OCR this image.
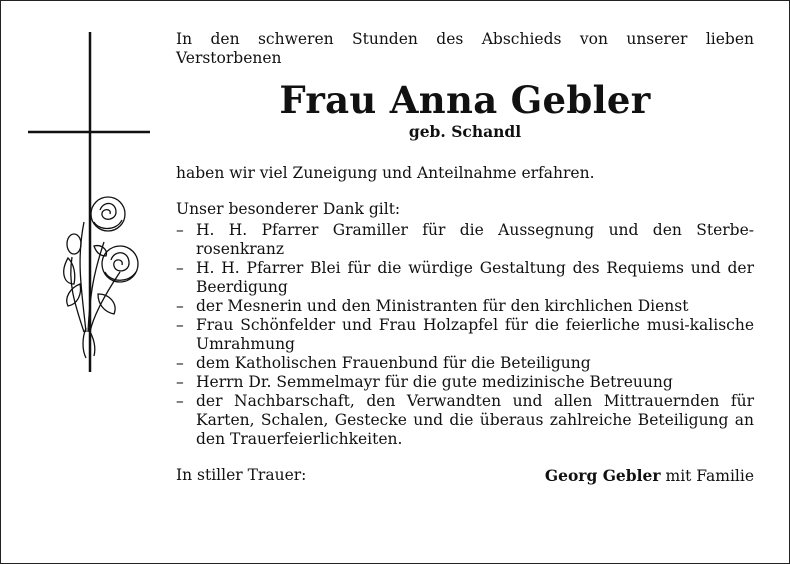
In den schweren Stunden des Abschieds von unserer lieben Verstorbenen

Frau Anna Gebler
geb. Schandl

haben wir viel Zuneigung und Anteilnahme erfahren.

Unser besonderer Dank gilt:

– H. H. Pfarrer Gramiller für die Aussegnung und den Sterbe-rosenkranz
– H. H. Pfarrer Blei für die würdige Gestaltung des Requiems und der Beerdigung
– der Mesnerin und den Ministranten für den kirchlichen Dienst
– Frau Schönfelder und Frau Holzapfel für die feierliche musi-kalische Umrahmung
– dem Katholischen Frauenbund für die Beteiligung
– Herrn Dr. Semmelmayr für die gute medizinische Betreuung
– der Nachbarschaft, den Verwandten und allen Mittrauernden für Karten, Schalen, Gestecke und die überaus zahlreiche Beteiligung an den Trauerfeierlichkeiten.
In stiller Trauer:	Georg Gebler mit Familie
